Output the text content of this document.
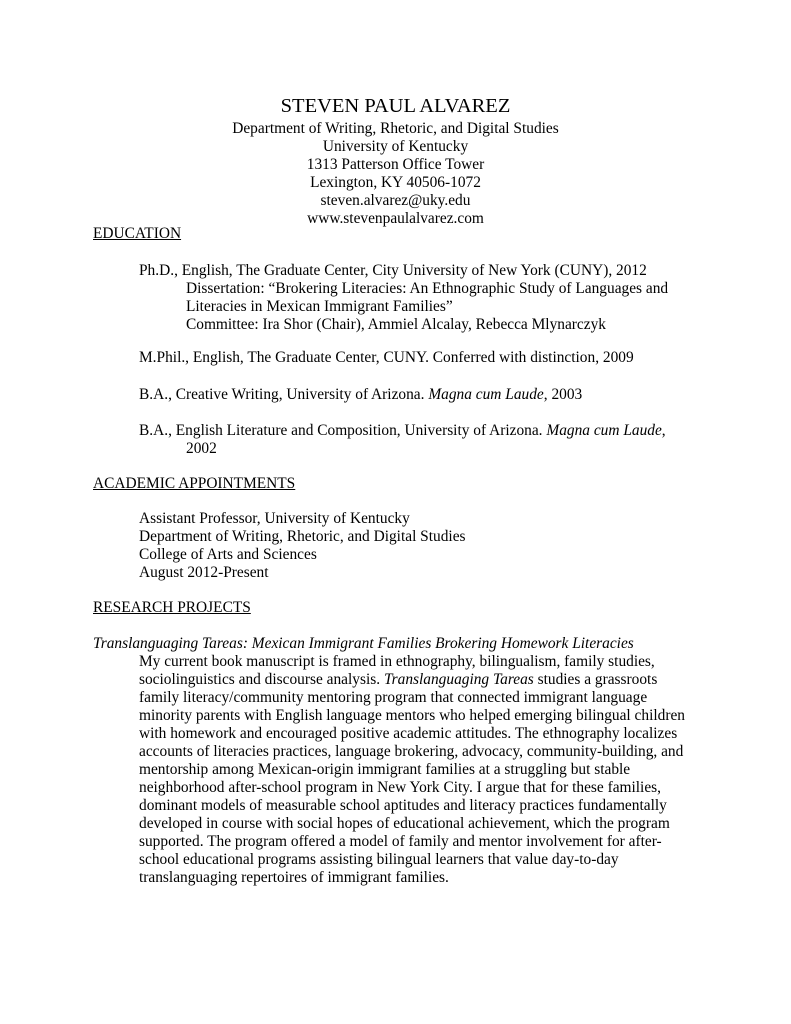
STEVEN PAUL ALVAREZ
Department of Writing, Rhetoric, and Digital Studies
University of Kentucky
1313 Patterson Office Tower
Lexington, KY 40506-1072
steven.alvarez@uky.edu
www.stevenpaulalvarez.com
EDUCATION
Ph.D., English, The Graduate Center, City University of New York (CUNY), 2012
Dissertation: “Brokering Literacies: An Ethnographic Study of Languages and
Literacies in Mexican Immigrant Families”
Committee: Ira Shor (Chair), Ammiel Alcalay, Rebecca Mlynarczyk
M.Phil., English, The Graduate Center, CUNY. Conferred with distinction, 2009
B.A., Creative Writing, University of Arizona. Magna cum Laude, 2003
B.A., English Literature and Composition, University of Arizona. Magna cum Laude,
2002
ACADEMIC APPOINTMENTS
Assistant Professor, University of Kentucky
Department of Writing, Rhetoric, and Digital Studies
College of Arts and Sciences
August 2012-Present
RESEARCH PROJECTS
Translanguaging Tareas: Mexican Immigrant Families Brokering Homework Literacies
My current book manuscript is framed in ethnography, bilingualism, family studies,
sociolinguistics and discourse analysis. Translanguaging Tareas studies a grassroots
family literacy/community mentoring program that connected immigrant language
minority parents with English language mentors who helped emerging bilingual children
with homework and encouraged positive academic attitudes. The ethnography localizes
accounts of literacies practices, language brokering, advocacy, community-building, and
mentorship among Mexican-origin immigrant families at a struggling but stable
neighborhood after-school program in New York City. I argue that for these families,
dominant models of measurable school aptitudes and literacy practices fundamentally
developed in course with social hopes of educational achievement, which the program
supported. The program offered a model of family and mentor involvement for after-
school educational programs assisting bilingual learners that value day-to-day
translanguaging repertoires of immigrant families.
